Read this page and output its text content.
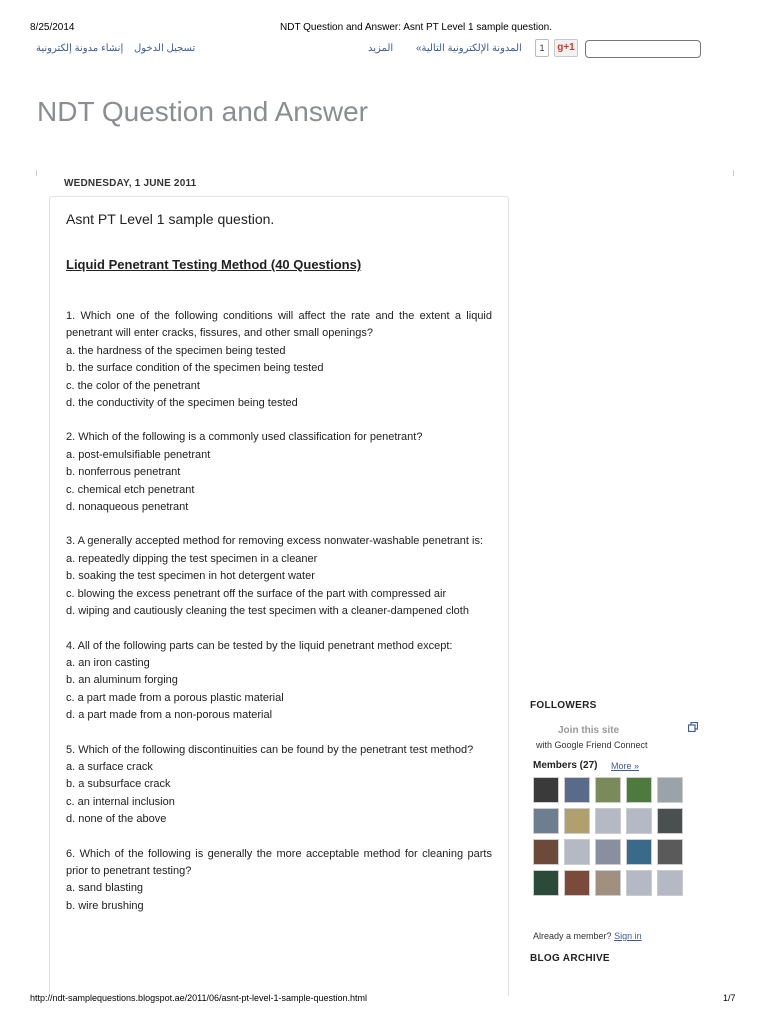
8/25/2014	NDT Question and Answer: Asnt PT Level 1 sample question.
تسجيل الدخول إنشاء مدونة إلكترونية	المدونة الإلكترونية التالية» المزيد	1	g+1
NDT Question and Answer
WEDNESDAY, 1 JUNE 2011
Asnt PT Level 1 sample question.
Liquid Penetrant Testing Method (40 Questions)
1. Which one of the following conditions will affect the rate and the extent a liquid penetrant will enter cracks, fissures, and other small openings?
a. the hardness of the specimen being tested
b. the surface condition of the specimen being tested
c. the color of the penetrant
d. the conductivity of the specimen being tested
2. Which of the following is a commonly used classification for penetrant?
a. post-emulsifiable penetrant
b. nonferrous penetrant
c. chemical etch penetrant
d. nonaqueous penetrant
3. A generally accepted method for removing excess nonwater-washable penetrant is:
a. repeatedly dipping the test specimen in a cleaner
b. soaking the test specimen in hot detergent water
c. blowing the excess penetrant off the surface of the part with compressed air
d. wiping and cautiously cleaning the test specimen with a cleaner-dampened cloth
4. All of the following parts can be tested by the liquid penetrant method except:
a. an iron casting
b. an aluminum forging
c. a part made from a porous plastic material
d. a part made from a non-porous material
5. Which of the following discontinuities can be found by the penetrant test method?
a. a surface crack
b. a subsurface crack
c. an internal inclusion
d. none of the above
6. Which of the following is generally the more acceptable method for cleaning parts prior to penetrant testing?
a. sand blasting
b. wire brushing
FOLLOWERS
Join this site
with Google Friend Connect
Members (27) More »
Already a member? Sign in
BLOG ARCHIVE
http://ndt-samplequestions.blogspot.ae/2011/06/asnt-pt-level-1-sample-question.html	1/7
